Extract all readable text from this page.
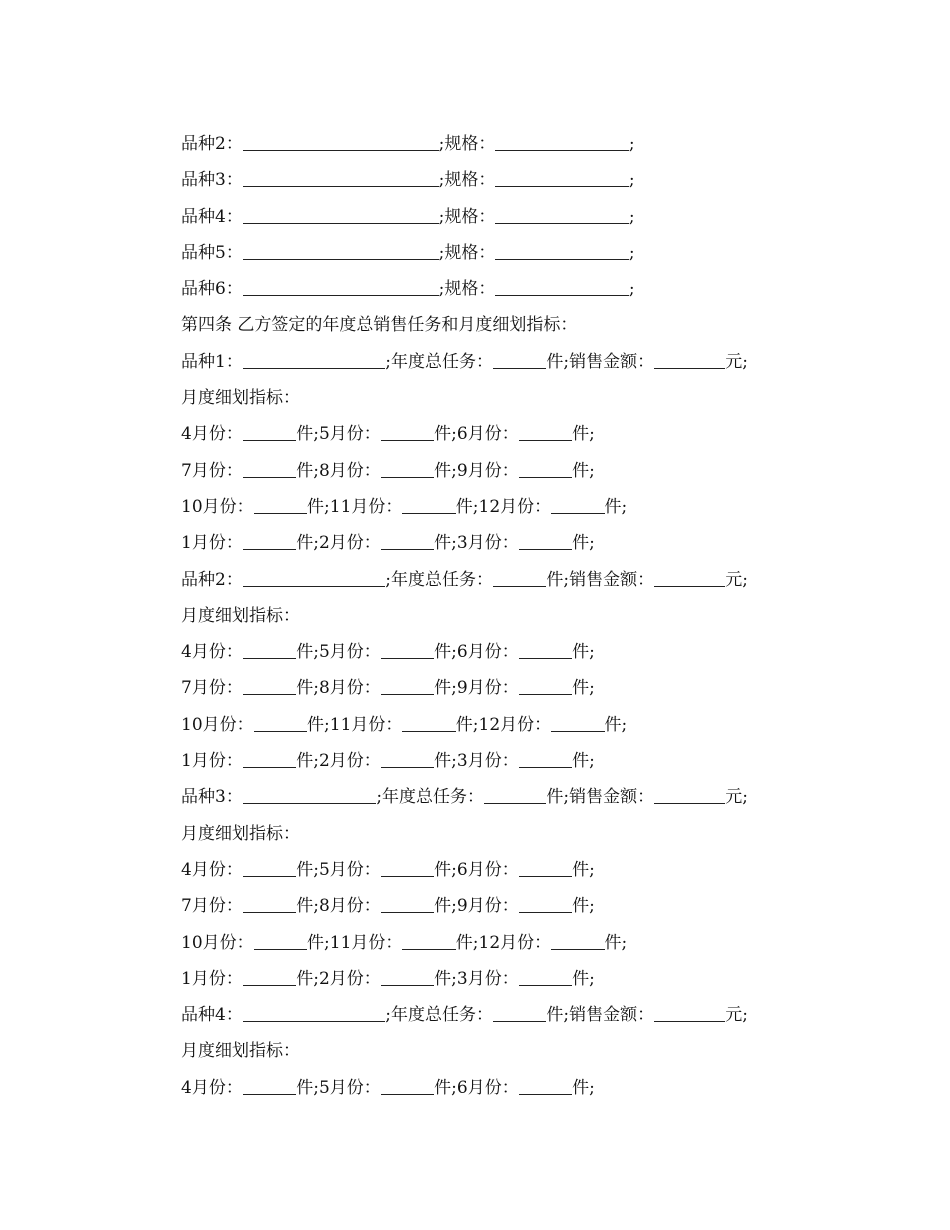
品种2：	;规格：	;
品种3：	;规格：	;
品种4：	;规格：	;
品种5：	;规格：	;
品种6：	;规格：	;
第四条 乙方签定的年度总销售任务和月度细划指标：
品种1：	;年度总任务：	件;销售金额：	元;
月度细划指标：
4月份：	件;5月份：	件;6月份：	件;
7月份：	件;8月份：	件;9月份：	件;
10月份：	件;11月份：	件;12月份：	件;
1月份：	件;2月份：	件;3月份：	件;
品种2：	;年度总任务：	件;销售金额：	元;
月度细划指标：
4月份：	件;5月份：	件;6月份：	件;
7月份：	件;8月份：	件;9月份：	件;
10月份：	件;11月份：	件;12月份：	件;
1月份：	件;2月份：	件;3月份：	件;
品种3：	;年度总任务：	件;销售金额：	元;
月度细划指标：
4月份：	件;5月份：	件;6月份：	件;
7月份：	件;8月份：	件;9月份：	件;
10月份：	件;11月份：	件;12月份：	件;
1月份：	件;2月份：	件;3月份：	件;
品种4：	;年度总任务：	件;销售金额：	元;
月度细划指标：
4月份：	件;5月份：	件;6月份：	件;
